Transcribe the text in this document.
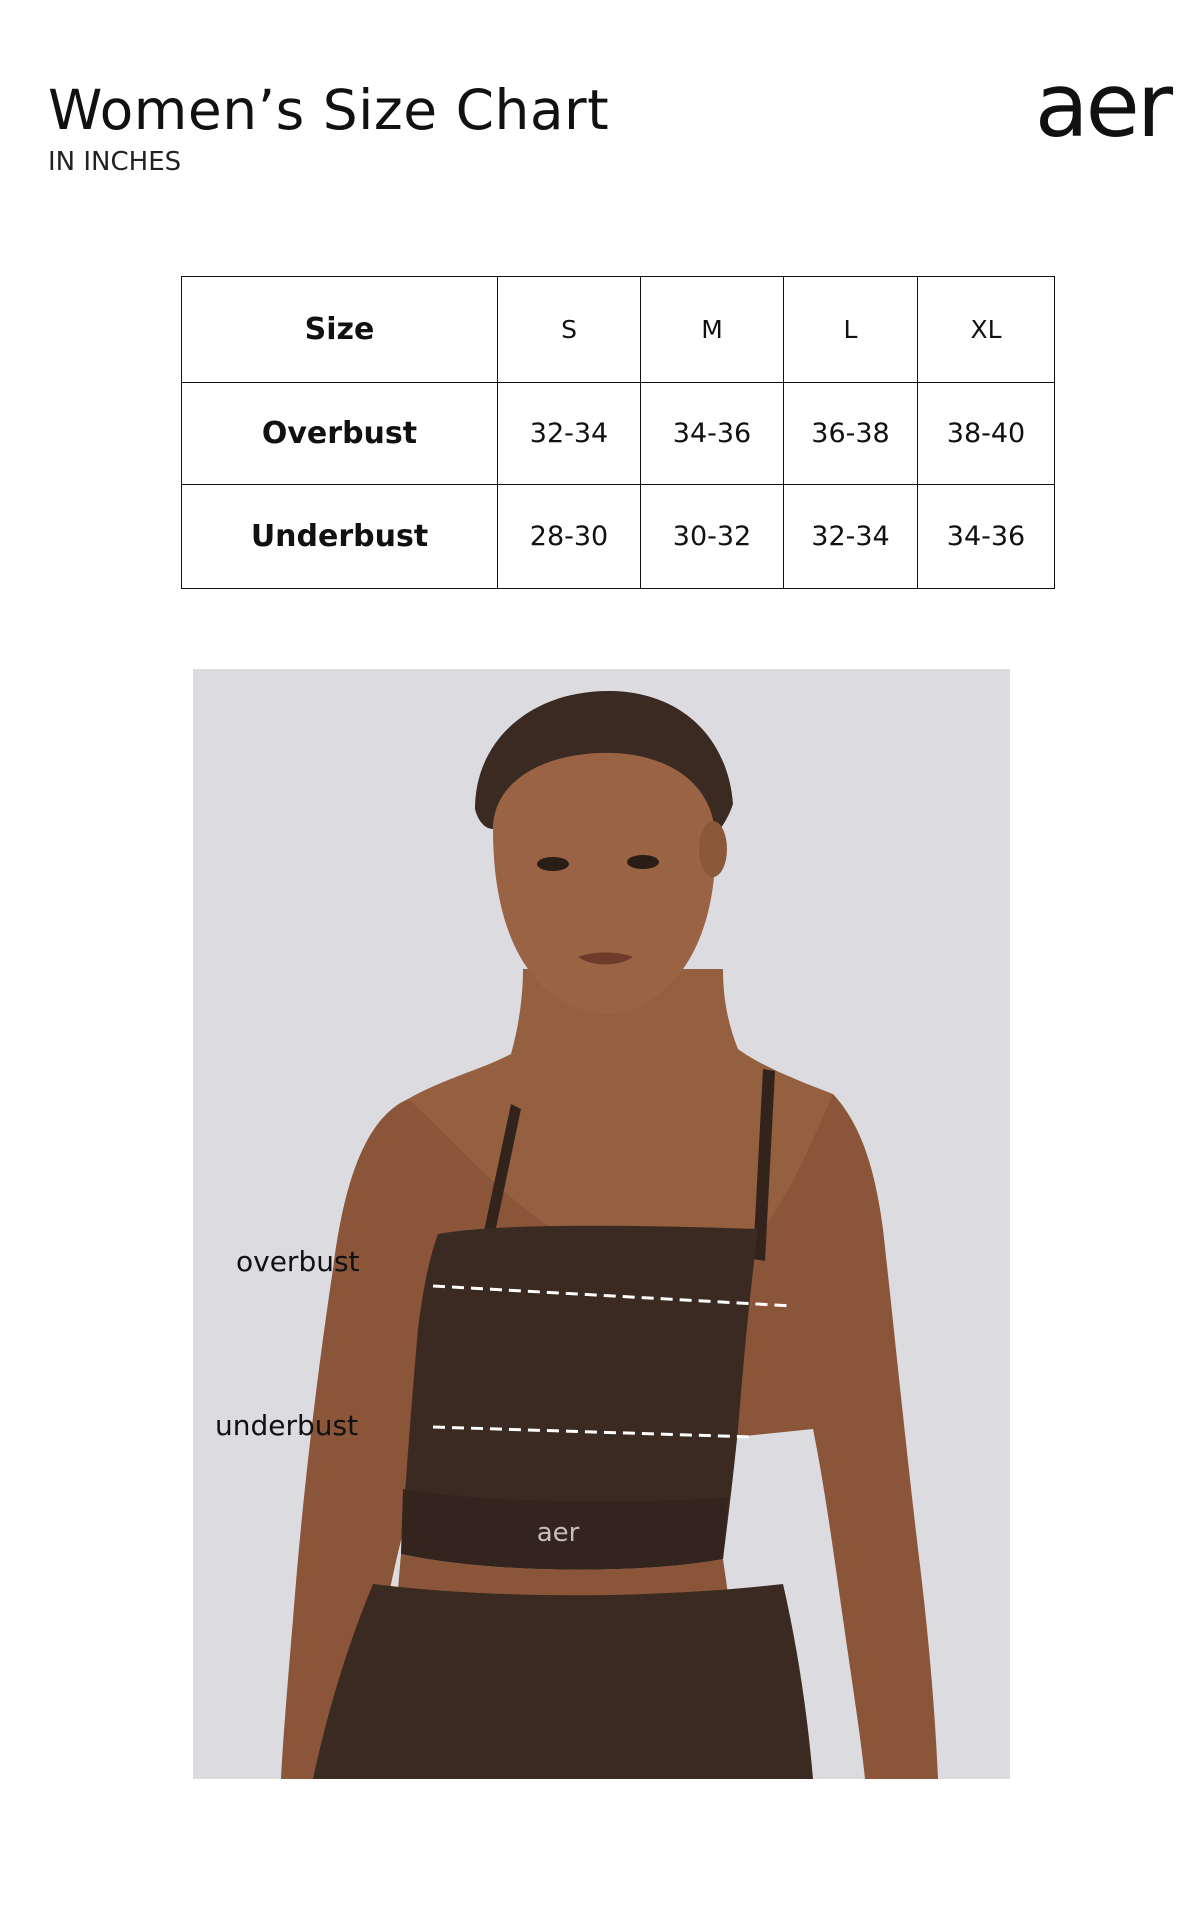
Women’s Size Chart
IN INCHES
aer
Size	S	M	L	XL
Overbust	32-34	34-36	36-38	38-40
Underbust	28-30	30-32	32-34	34-36
aer
overbust
underbust
